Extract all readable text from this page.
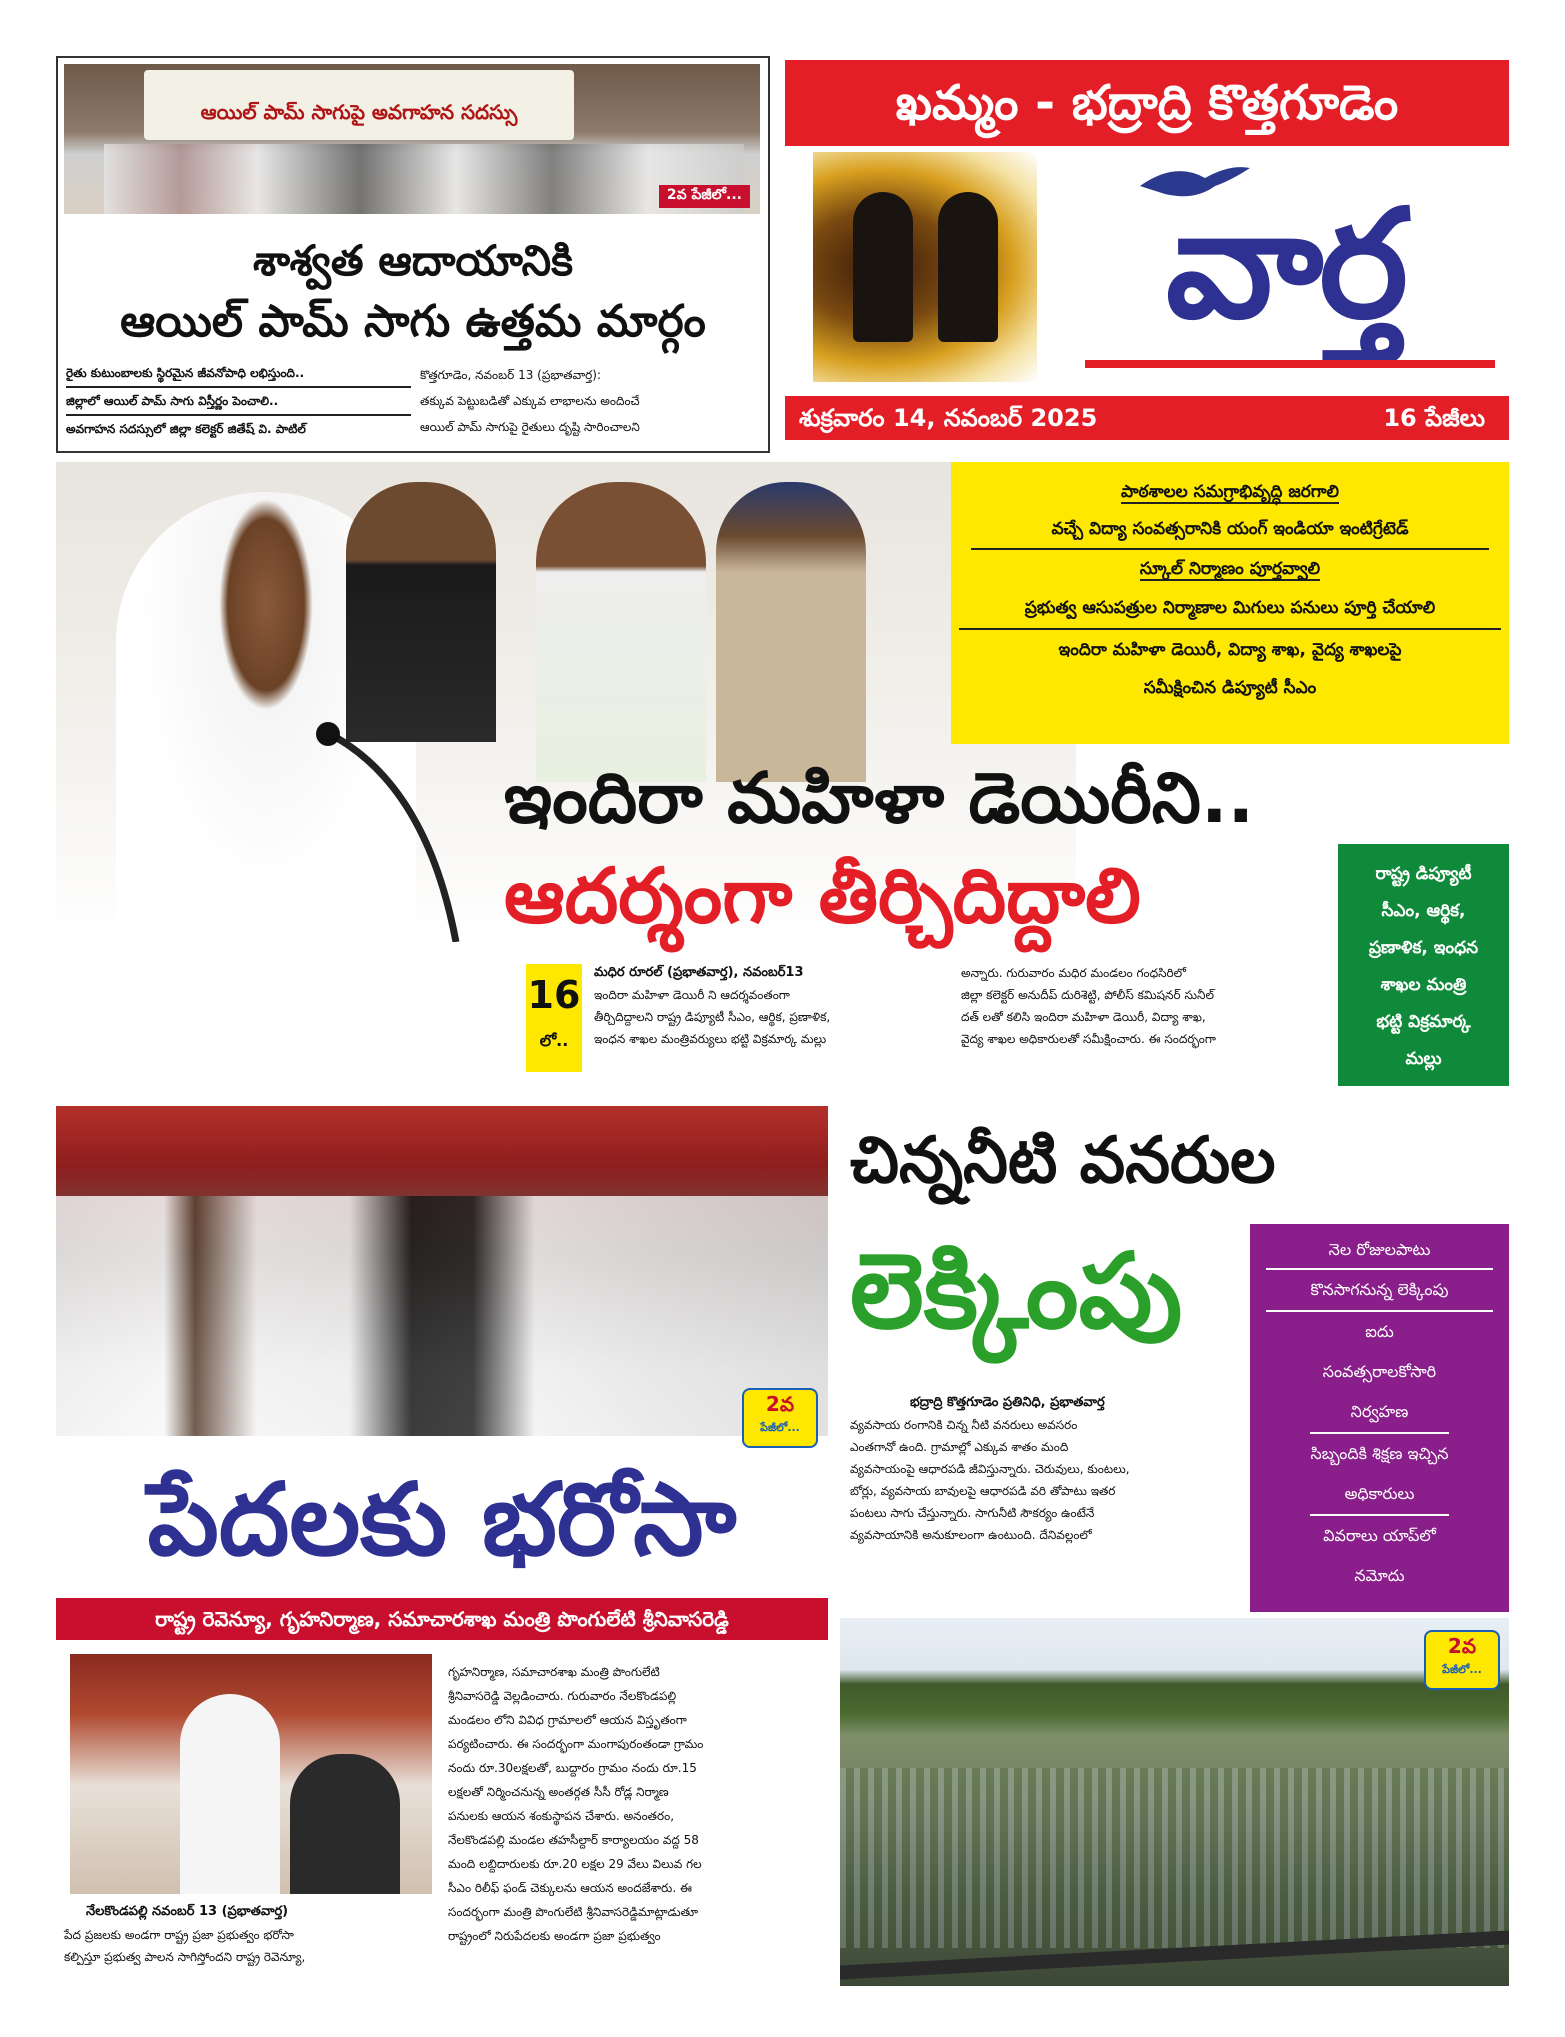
ఆయిల్ పామ్ సాగుపై అవగాహన సదస్సు
2వ పేజీలో...
శాశ్వత ఆదాయానికి
ఆయిల్ పామ్ సాగు ఉత్తమ మార్గం
రైతు కుటుంబాలకు స్థిరమైన జీవనోపాధి లభిస్తుంది..
జిల్లాలో ఆయిల్ పామ్ సాగు విస్తీర్ణం పెంచాలి..
అవగాహన సదస్సులో జిల్లా కలెక్టర్ జితేష్ వి. పాటిల్
కొత్తగూడెం, నవంబర్ 13 (ప్రభాతవార్త):
తక్కువ పెట్టుబడితో ఎక్కువ లాభాలను అందించే
ఆయిల్ పామ్ సాగుపై రైతులు దృష్టి సారించాలని
ఖమ్మం - భద్రాద్రి కొత్తగూడెం
వార్త
శుక్రవారం 14, నవంబర్ 2025	16 పేజీలు
పాఠశాలల సమగ్రాభివృద్ధి జరగాలి
వచ్చే విద్యా సంవత్సరానికి యంగ్ ఇండియా ఇంటిగ్రేటెడ్
స్కూల్ నిర్మాణం పూర్తవ్వాలి
ప్రభుత్వ ఆసుపత్రుల నిర్మాణాల మిగులు పనులు పూర్తి చేయాలి
ఇందిరా మహిళా డెయిరీ, విద్యా శాఖ, వైద్య శాఖలపై
సమీక్షించిన డిప్యూటీ సీఎం
ఇందిరా మహిళా డెయిరీని..
ఆదర్శంగా తీర్చిదిద్దాలి	రాష్ట్ర డిప్యూటీ
సీఎం, ఆర్థిక,
ప్రణాళిక, ఇంధన
శాఖల మంత్రి
భట్టి విక్రమార్క
మల్లు
16
లో..
మధిర రూరల్ (ప్రభాతవార్త), నవంబర్13
ఇందిరా మహిళా డెయిరీ ని ఆదర్శవంతంగా
తీర్చిదిద్దాలని రాష్ట్ర డిప్యూటీ సీఎం, ఆర్థిక, ప్రణాళిక,
ఇంధన శాఖల మంత్రివర్యులు భట్టి విక్రమార్క మల్లు
అన్నారు. గురువారం మధిర మండలం గంధసిరిలో
జిల్లా కలెక్టర్ అనుదీప్ దురిశెట్టి, పోలీస్ కమిషనర్ సునీల్
దత్ లతో కలిసి ఇందిరా మహిళా డెయిరీ, విద్యా శాఖ,
వైద్య శాఖల అధికారులతో సమీక్షించారు. ఈ సందర్భంగా
2వ
పేజీలో...
పేదలకు భరోసా
రాష్ట్ర రెవెన్యూ, గృహనిర్మాణ, సమాచారశాఖ మంత్రి పొంగులేటి శ్రీనివాసరెడ్డి
నేలకొండపల్లి నవంబర్ 13 (ప్రభాతవార్త)
పేద ప్రజలకు అండగా రాష్ట్ర ప్రజా ప్రభుత్వం భరోసా
కల్పిస్తూ ప్రభుత్వ పాలన సాగిస్తోందని రాష్ట్ర రెవెన్యూ,
గృహనిర్మాణ, సమాచారశాఖ మంత్రి పొంగులేటి
శ్రీనివాసరెడ్డి వెల్లడించారు. గురువారం నేలకొండపల్లి
మండలం లోని వివిధ గ్రామాలలో ఆయన విస్తృతంగా
పర్యటించారు. ఈ సందర్భంగా మంగాపురంతండా గ్రామం
నందు రూ.30లక్షలతో, బుద్దారం గ్రామం నందు రూ.15
లక్షలతో నిర్మించనున్న అంతర్గత సీసీ రోడ్ల నిర్మాణ
పనులకు ఆయన శంకుస్థాపన చేశారు. అనంతరం,
నేలకొండపల్లి మండల తహసీల్దార్ కార్యాలయం వద్ద 58
మంది లబ్దిదారులకు రూ.20 లక్షల 29 వేలు విలువ గల
సీఎం రిలీఫ్ ఫండ్ చెక్కులను ఆయన అందజేశారు. ఈ
సందర్భంగా మంత్రి పొంగులేటి శ్రీనివాసరెడ్డిమాట్లాడుతూ
రాష్ట్రంలో నిరుపేదలకు అండగా ప్రజా ప్రభుత్వం
చిన్ననీటి వనరుల
లెక్కింపు	నెల రోజులపాటు
కొనసాగనున్న లెక్కింపు
ఐదు
సంవత్సరాలకోసారి
నిర్వహణ
సిబ్బందికి శిక్షణ ఇచ్చిన
అధికారులు
వివరాలు యాప్‌లో
నమోదు
భద్రాద్రి కొత్తగూడెం ప్రతినిధి, ప్రభాతవార్త
వ్యవసాయ రంగానికి చిన్న నీటి వనరులు అవసరం
ఎంతగానో ఉంది. గ్రామాల్లో ఎక్కువ శాతం మంది
వ్యవసాయంపై ఆధారపడి జీవిస్తున్నారు. చెరువులు, కుంటలు,
బోర్లు, వ్యవసాయ బావులపై ఆధారపడి వరి తోపాటు ఇతర
పంటలు సాగు చేస్తున్నారు. సాగునీటి సౌకర్యం ఉంటేనే
వ్యవసాయానికి అనుకూలంగా ఉంటుంది. దేనివల్లంలో
2వ
పేజీలో...
